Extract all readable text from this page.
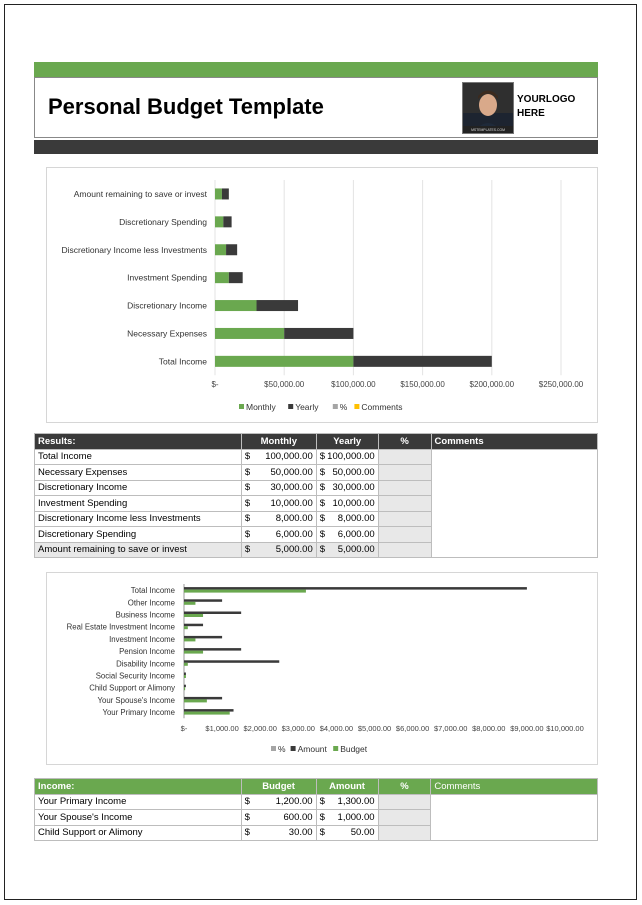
Personal Budget Template
MSTEMPLATES.COM
YOURLOGO
HERE
$-	$50,000.00	$100,000.00	$150,000.00	$200,000.00	$250,000.00
Amount remaining to save or invest
Discretionary Spending
Discretionary Income less Investments
Investment Spending
Discretionary Income
Necessary Expenses
Total Income
Monthly Yearly	% Comments
Results:	Monthly	Yearly	%	Comments
Total Income	$ 100,000.00	$ 100,000.00		

Necessary Expenses	$ 50,000.00	$ 50,000.00		

Discretionary Income	$ 30,000.00	$ 30,000.00		

Investment Spending	$ 10,000.00	$ 10,000.00		

Discretionary Income less Investments	$ 8,000.00	$ 8,000.00		

Discretionary Spending	$ 6,000.00	$ 6,000.00		

Amount remaining to save or invest	$ 5,000.00	$ 5,000.00		

$- $1,000.00 $2,000.00 $3,000.00 $4,000.00 $5,000.00 $6,000.00 $7,000.00 $8,000.00 $9,000.00 $10,000.00
Total Income
Other Income
Business Income
Real Estate Investment Income
Investment Income
Pension Income
Disability Income
Social Security Income
Child Support or Alimony
Your Spouse's Income
Your Primary Income
% Amount Budget
Income:	Budget	Amount	%	Comments
Your Primary Income	$ 1,200.00	$ 1,300.00		

Your Spouse's Income	$ 600.00	$ 1,000.00		

Child Support or Alimony	$ 30.00	$ 50.00		
